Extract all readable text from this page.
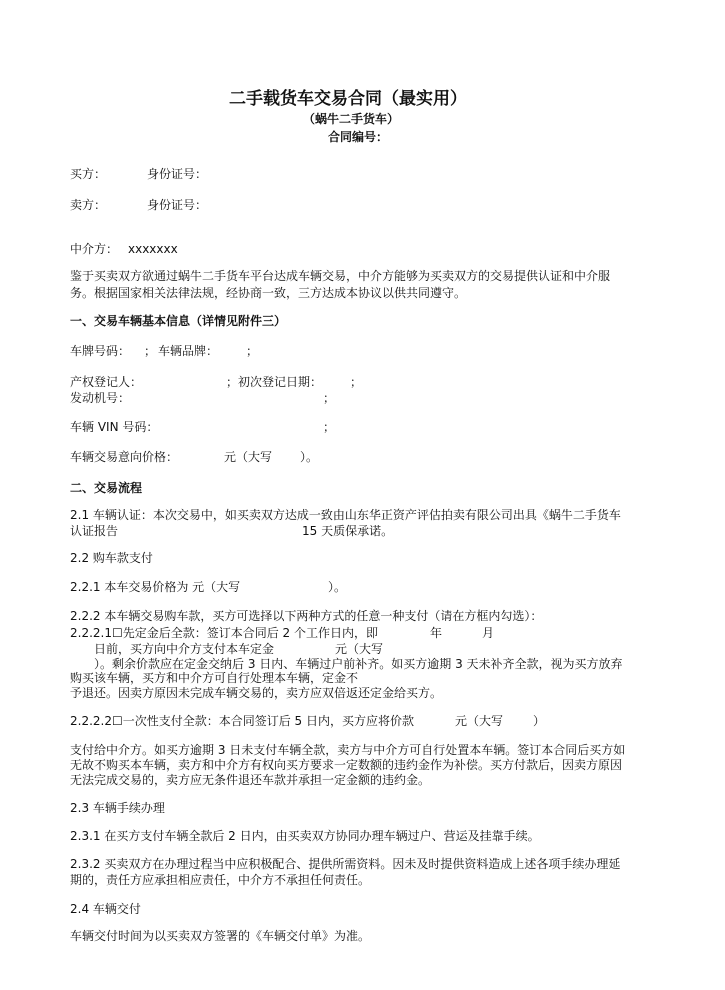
二手载货车交易合同（最实用）
（蜗牛二手货车）
合同编号：
买方：	身份证号：
卖方：	身份证号：
中介方： xxxxxxx
鉴于买卖双方欲通过蜗牛二手货车平台达成车辆交易，中介方能够为买卖双方的交易提供认证和中介服
务。根据国家相关法律法规，经协商一致，三方达成本协议以供共同遵守。
一、交易车辆基本信息（详情见附件三）
车牌号码： ； 车辆品牌： ；
产权登记人：	；初次登记日期： ；
发动机号：	；
车辆 VIN 号码：	；
车辆交易意向价格：	元（大写 ）。
二、交易流程
2.1 车辆认证：本次交易中，如买卖双方达成一致由山东华正资产评估拍卖有限公司出具《蜗牛二手货车
认证报告	15 天质保承诺。
2.2 购车款支付
2.2.1 本车交易价格为 元（大写	）。
2.2.2 本车辆交易购车款，买方可选择以下两种方式的任意一种支付（请在方框内勾选）：
2.2.2.1☐先定金后全款：签订本合同后 2 个工作日内，即	年	月
日前，买方向中介方支付本车定金	元（大写
）。剩余价款应在定金交纳后 3 日内、车辆过户前补齐。如买方逾期 3 天未补齐全款，视为买方放弃
购买该车辆，买方和中介方可自行处理本车辆，定金不
予退还。因卖方原因未完成车辆交易的，卖方应双倍返还定金给买方。
2.2.2.2☐一次性支付全款：本合同签订后 5 日内，买方应将价款	元（大写 ）
支付给中介方。如买方逾期 3 日未支付车辆全款，卖方与中介方可自行处置本车辆。签订本合同后买方如
无故不购买本车辆，卖方和中介方有权向买方要求一定数额的违约金作为补偿。买方付款后，因卖方原因
无法完成交易的，卖方应无条件退还车款并承担一定金额的违约金。
2.3 车辆手续办理
2.3.1 在买方支付车辆全款后 2 日内，由买卖双方协同办理车辆过户、营运及挂靠手续。
2.3.2 买卖双方在办理过程当中应积极配合、提供所需资料。因未及时提供资料造成上述各项手续办理延
期的，责任方应承担相应责任，中介方不承担任何责任。
2.4 车辆交付
车辆交付时间为以买卖双方签署的《车辆交付单》为准。
